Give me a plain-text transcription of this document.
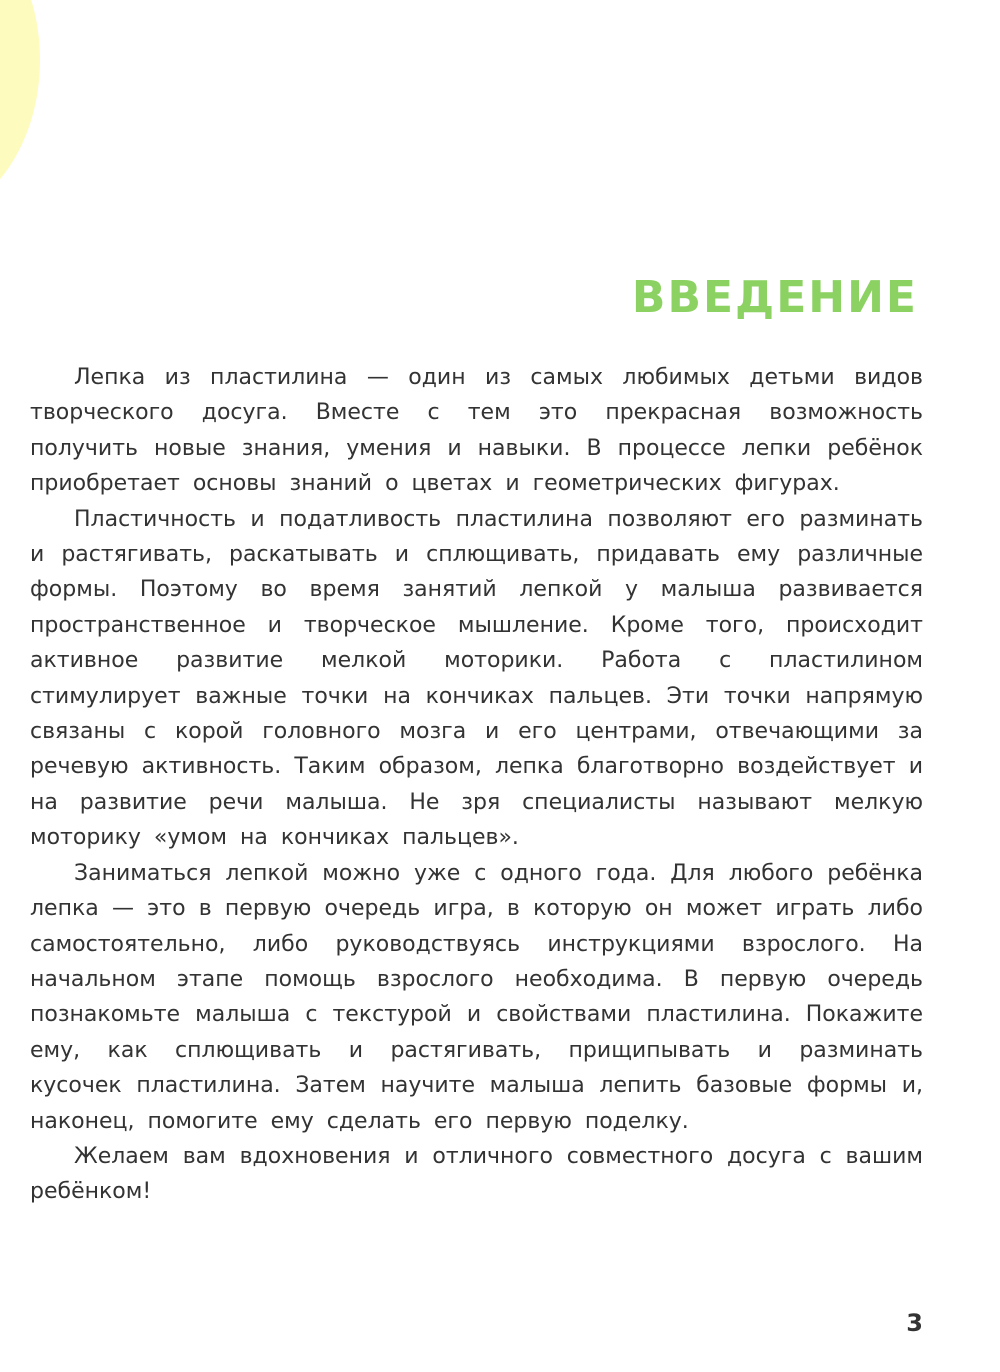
ВВЕДЕНИЕ

Лепка из пластилина — один из самых любимых детьми видов творческого досуга. Вместе с тем это прекрасная возможность получить новые знания, умения и навыки. В процессе лепки ребёнок приобретает основы знаний о цветах и геометрических фигурах.

Пластичность и податливость пластилина позволяют его разминать и растягивать, раскатывать и сплющивать, придавать ему различные формы. Поэтому во время занятий лепкой у малыша развивается пространственное и творческое мышление. Кроме того, происходит активное развитие мелкой моторики. Работа с пластилином стимулирует важные точки на кончиках пальцев. Эти точки напрямую связаны с корой головного мозга и его центрами, отвечающими за речевую активность. Таким образом, лепка благотворно воздействует и на развитие речи малыша. Не зря специалисты называют мелкую моторику «умом на кончиках пальцев».

Заниматься лепкой можно уже с одного года. Для любого ребёнка лепка — это в первую очередь игра, в которую он может играть либо самостоятельно, либо руководствуясь инструкциями взрослого. На начальном этапе помощь взрослого необходима. В первую очередь познакомьте малыша с текстурой и свойствами пластилина. Покажите ему, как сплющивать и растягивать, прищипывать и разминать кусочек пластилина. Затем научите малыша лепить базовые формы и, наконец, помогите ему сделать его первую поделку.

Желаем вам вдохновения и отличного совместного досуга с вашим ребёнком!

3
